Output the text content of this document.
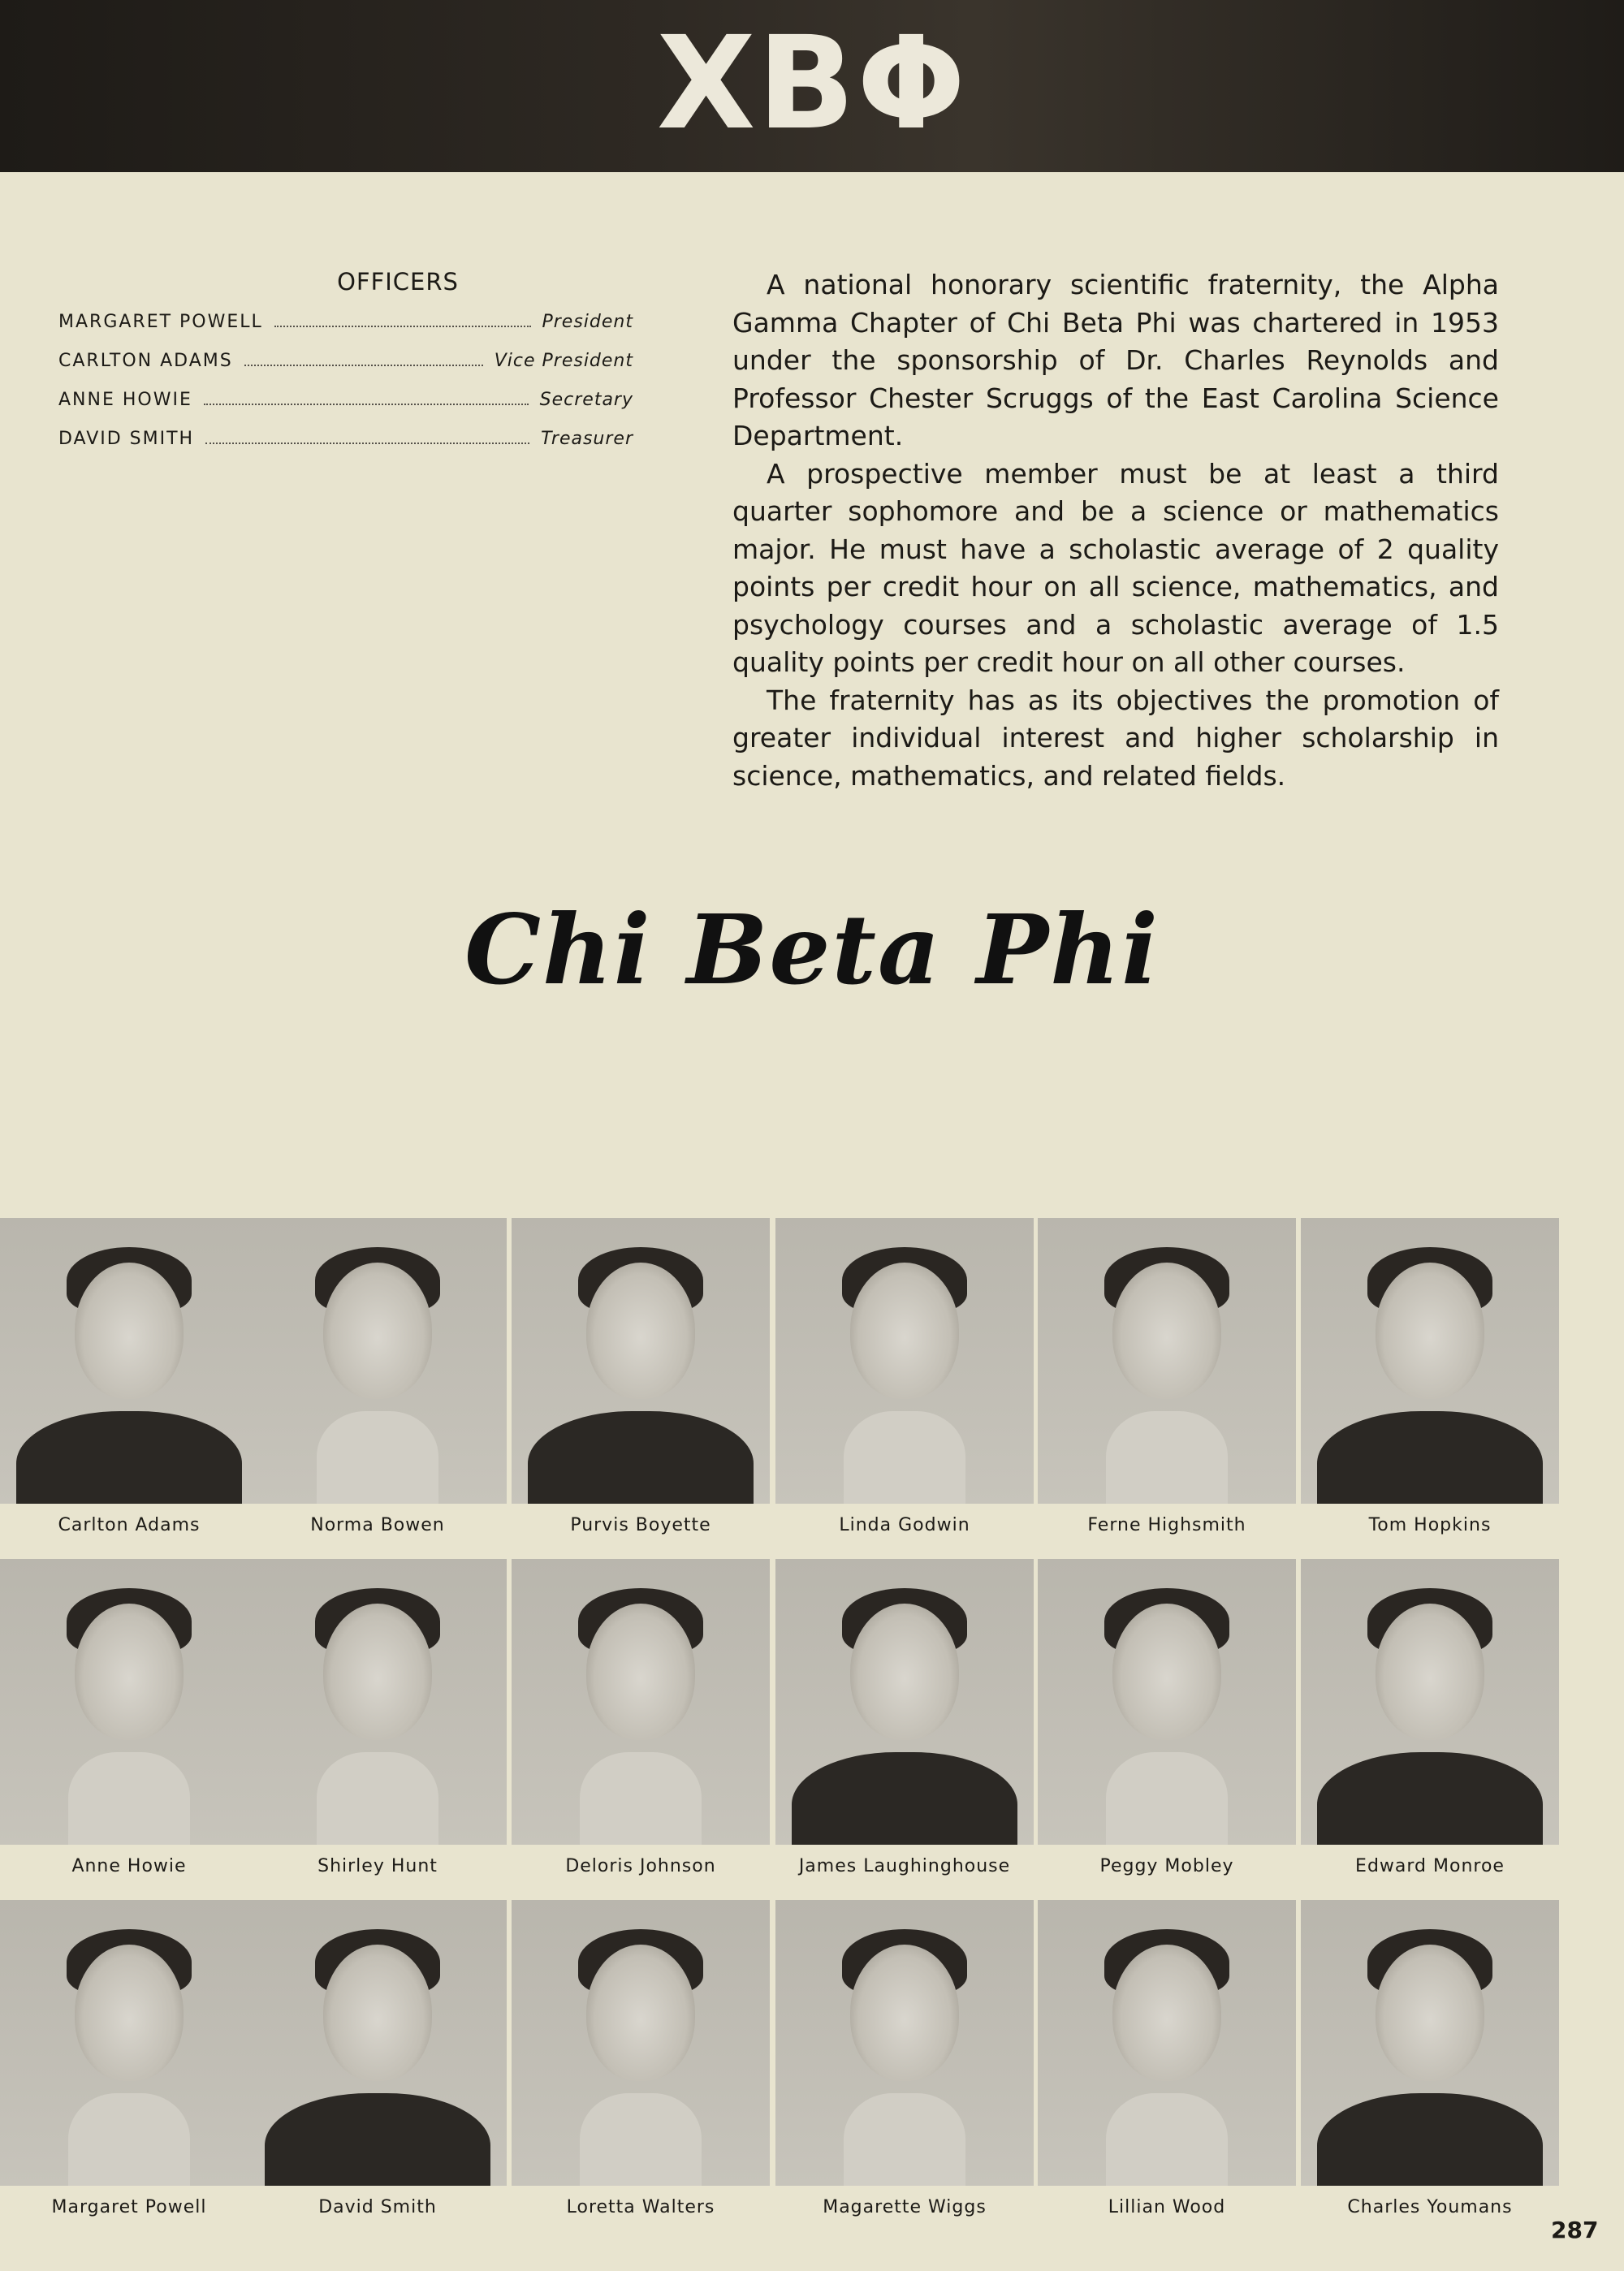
ΧΒΦ
OFFICERS
MARGARET POWELL	President
CARLTON ADAMS	Vice President
ANNE HOWIE	Secretary
DAVID SMITH	Treasurer

A national honorary scientific fraternity, the Alpha Gamma Chapter of Chi Beta Phi was chartered in 1953 under the sponsorship of Dr. Charles Reynolds and Professor Chester Scruggs of the East Carolina Science Department.

A prospective member must be at least a third quarter sophomore and be a science or mathematics major. He must have a scholastic average of 2 quality points per credit hour on all science, mathematics, and psychology courses and a scholastic average of 1.5 quality points per credit hour on all other courses.

The fraternity has as its objectives the promotion of greater individual interest and higher scholarship in science, mathematics, and related fields.

Chi Beta Phi
Carlton Adams	Norma Bowen	Purvis Boyette	Linda Godwin	Ferne Highsmith	Tom Hopkins
Anne Howie	Shirley Hunt	Deloris Johnson	James Laughinghouse	Peggy Mobley	Edward Monroe
Margaret Powell	David Smith	Loretta Walters	Magarette Wiggs	Lillian Wood	Charles Youmans
287
